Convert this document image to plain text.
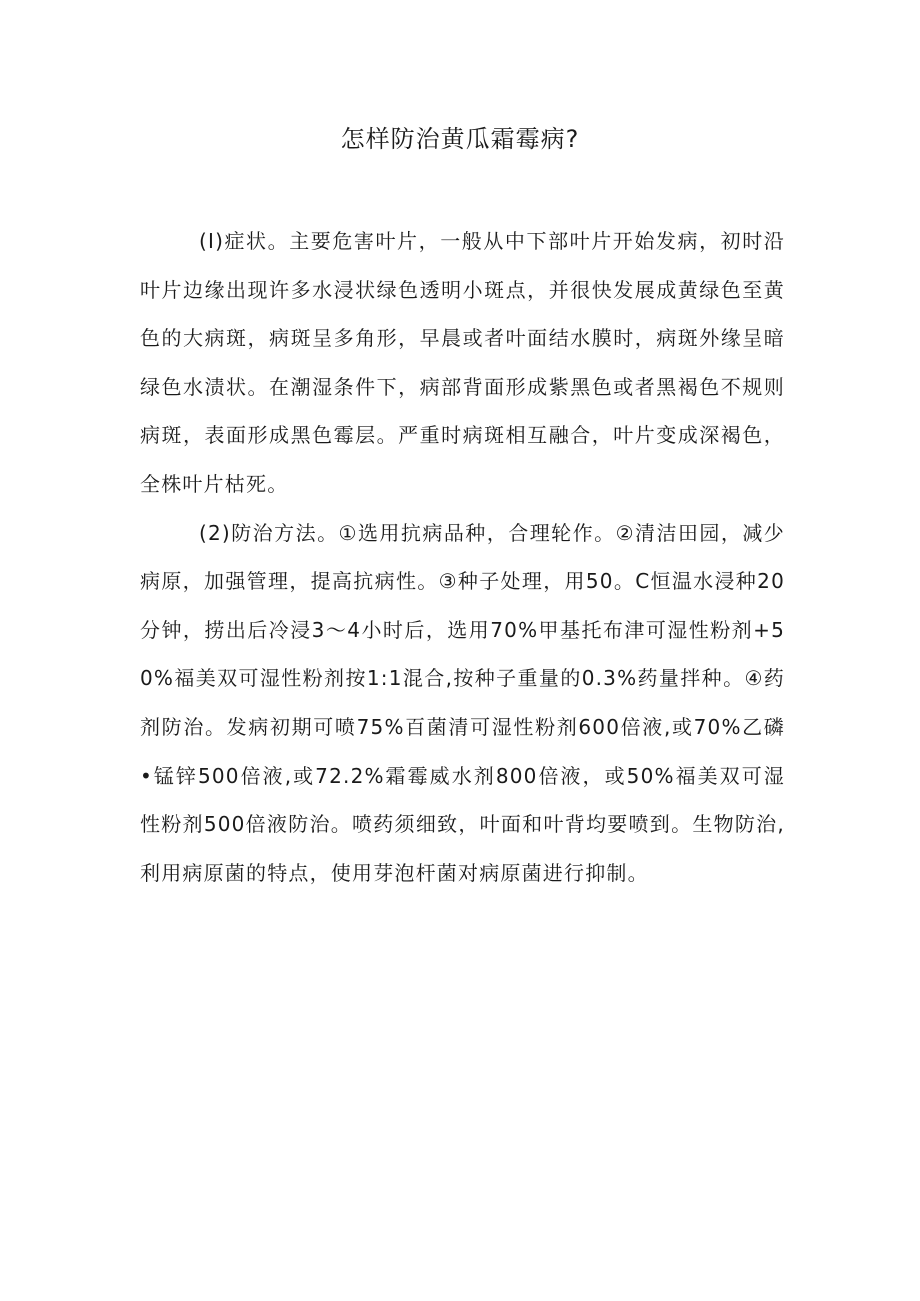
怎样防治黄瓜霜霉病?

(I)症状。主要危害叶片，一般从中下部叶片开始发病，初时沿叶片边缘出现许多水浸状绿色透明小斑点，并很快发展成黄绿色至黄色的大病斑，病斑呈多角形，早晨或者叶面结水膜时，病斑外缘呈暗绿色水渍状。在潮湿条件下，病部背面形成紫黑色或者黑褐色不规则病斑，表面形成黑色霉层。严重时病斑相互融合，叶片变成深褐色，全株叶片枯死。

(2)防治方法。①选用抗病品种，合理轮作。②清洁田园，减少病原，加强管理，提高抗病性。③种子处理，用50。C恒温水浸种20分钟，捞出后冷浸3～4小时后，选用70%甲基托布津可湿性粉剂+50%福美双可湿性粉剂按1:1混合,按种子重量的0.3%药量拌种。④药剂防治。发病初期可喷75%百菌清可湿性粉剂600倍液,或70%乙磷•锰锌500倍液,或72.2%霜霉威水剂800倍液，或50%福美双可湿性粉剂500倍液防治。喷药须细致，叶面和叶背均要喷到。生物防治,利用病原菌的特点，使用芽泡杆菌对病原菌进行抑制。
